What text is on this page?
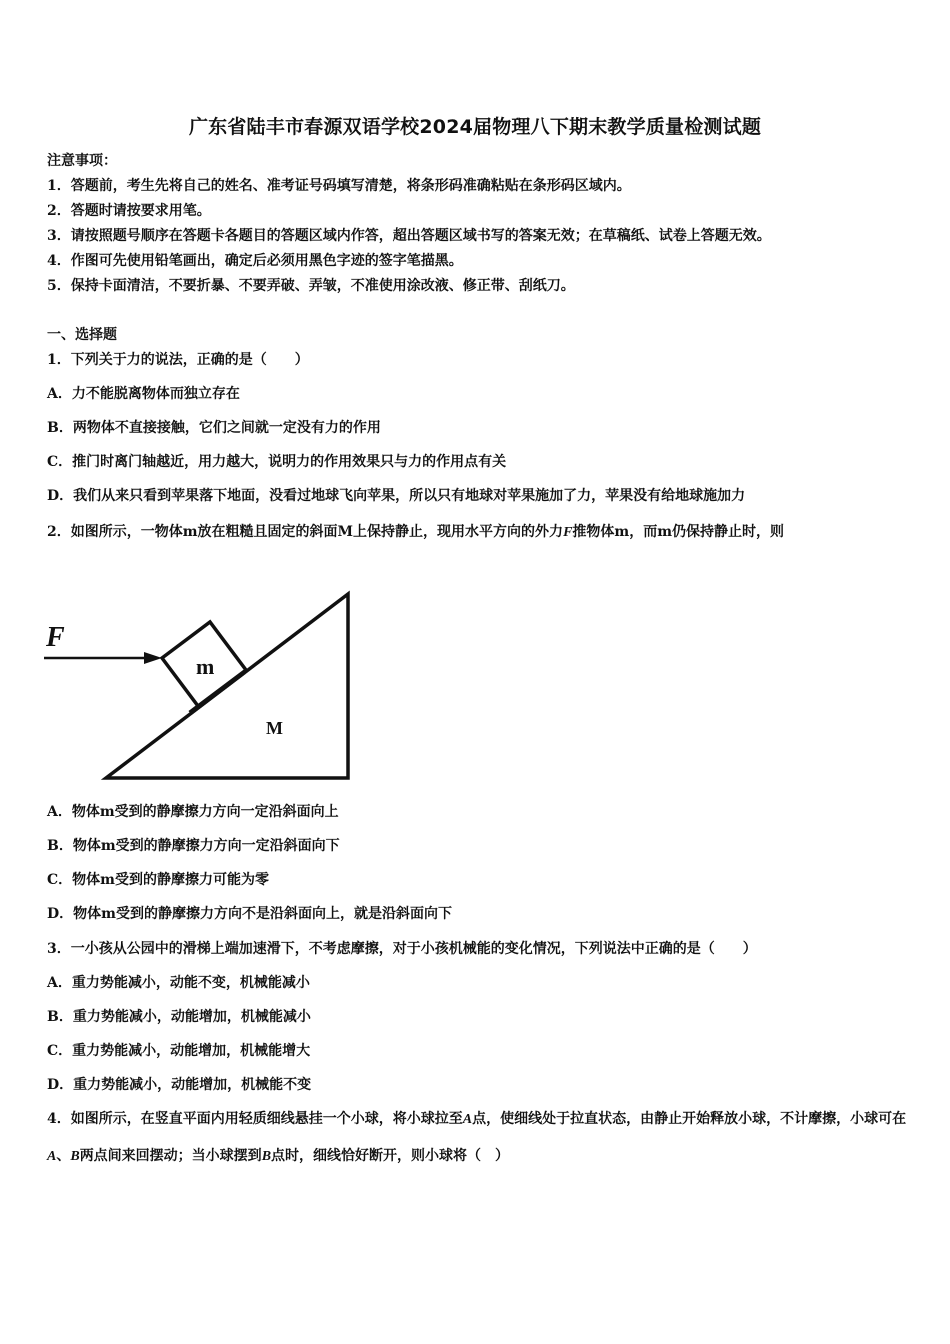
广东省陆丰市春源双语学校2024届物理八下期末教学质量检测试题
注意事项：
1．答题前，考生先将自己的姓名、准考证号码填写清楚，将条形码准确粘贴在条形码区域内。
2．答题时请按要求用笔。
3．请按照题号顺序在答题卡各题目的答题区域内作答，超出答题区域书写的答案无效；在草稿纸、试卷上答题无效。
4．作图可先使用铅笔画出，确定后必须用黑色字迹的签字笔描黑。
5．保持卡面清洁，不要折暴、不要弄破、弄皱，不准使用涂改液、修正带、刮纸刀。
一、选择题
1．下列关于力的说法，正确的是（　　）
A．力不能脱离物体而独立存在
B．两物体不直接接触，它们之间就一定没有力的作用
C．推门时离门轴越近，用力越大，说明力的作用效果只与力的作用点有关
D．我们从来只看到苹果落下地面，没看过地球飞向苹果，所以只有地球对苹果施加了力，苹果没有给地球施加力
2．如图所示，一物体m放在粗糙且固定的斜面M上保持静止，现用水平方向的外力F推物体m，而m仍保持静止时，则
F
m
M
A．物体m受到的静摩擦力方向一定沿斜面向上
B．物体m受到的静摩擦力方向一定沿斜面向下
C．物体m受到的静摩擦力可能为零
D．物体m受到的静摩擦力方向不是沿斜面向上，就是沿斜面向下
3．一小孩从公园中的滑梯上端加速滑下，不考虑摩擦，对于小孩机械能的变化情况，下列说法中正确的是（　　）
A．重力势能减小，动能不变，机械能减小
B．重力势能减小，动能增加，机械能减小
C．重力势能减小，动能增加，机械能增大
D．重力势能减小，动能增加，机械能不变
4．如图所示，在竖直平面内用轻质细线悬挂一个小球，将小球拉至A点，使细线处于拉直状态，由静止开始释放小球，不计摩擦，小球可在A、B两点间来回摆动；当小球摆到B点时，细线恰好断开，则小球将（　）
